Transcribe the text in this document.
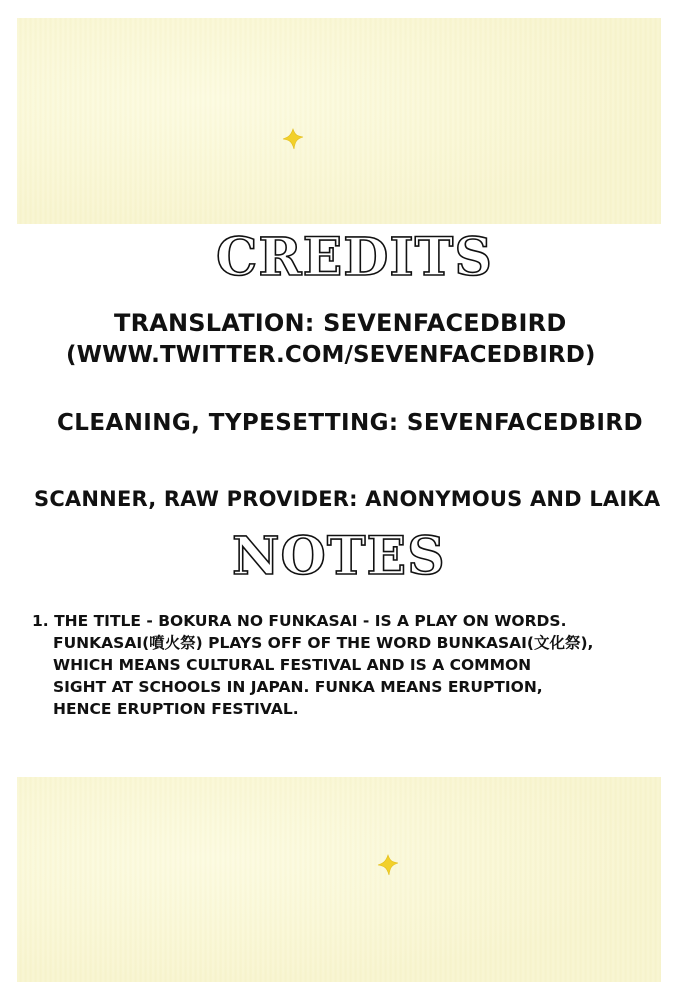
CREDITS
TRANSLATION: SEVENFACEDBIRD
(WWW.TWITTER.COM/SEVENFACEDBIRD)
CLEANING, TYPESETTING: SEVENFACEDBIRD
SCANNER, RAW PROVIDER: ANONYMOUS AND LAIKA
NOTES
1. THE TITLE - BOKURA NO FUNKASAI - IS A PLAY ON WORDS.
FUNKASAI(噴火祭) PLAYS OFF OF THE WORD BUNKASAI(文化祭),
WHICH MEANS CULTURAL FESTIVAL AND IS A COMMON
SIGHT AT SCHOOLS IN JAPAN. FUNKA MEANS ERUPTION,
HENCE ERUPTION FESTIVAL.
